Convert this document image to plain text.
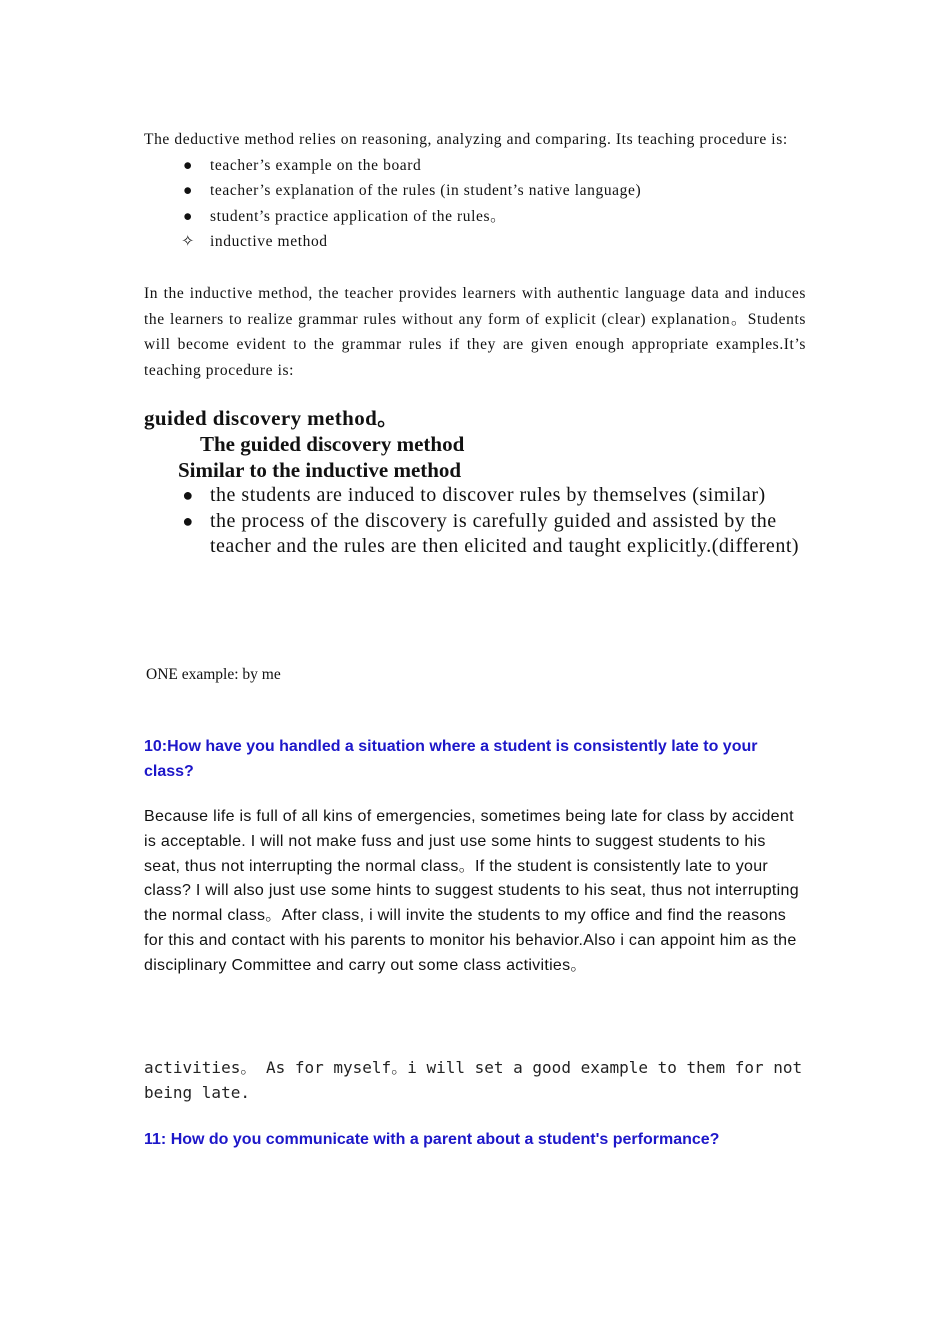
The deductive method relies on reasoning, analyzing and comparing. Its teaching procedure is:
●	teacher’s example on the board
●	teacher’s explanation of the rules (in student’s native language)
●	student’s practice application of the rules。
✧ inductive method
In the inductive method, the teacher provides learners with authentic language data and induces the learners to realize grammar rules without any form of explicit (clear) explanation。Students will become evident to the grammar rules if they are given enough appropriate examples.It’s teaching procedure is:
guided discovery method。
The guided discovery method
Similar to the inductive method
● the students are induced to discover rules by themselves (similar)
● the process of the discovery is carefully guided and assisted by the teacher and the rules are then elicited and taught explicitly.(different)
ONE example: by me
10:How have you handled a situation where a student is consistently late to your class?
Because life is full of all kins of emergencies, sometimes being late for class by accident is acceptable. I will not make fuss and just use some hints to suggest students to his seat, thus not interrupting the normal class。If the student is consistently late to your class? I will also just use some hints to suggest students to his seat, thus not interrupting the normal class。After class, i will invite the students to my office and find the reasons for this and contact with his parents to monitor his behavior.Also i can appoint him as the disciplinary Committee and carry out some class activities。
activities。 As for myself。i will set a good example to them for not being late.
11: How do you communicate with a parent about a student's performance?
